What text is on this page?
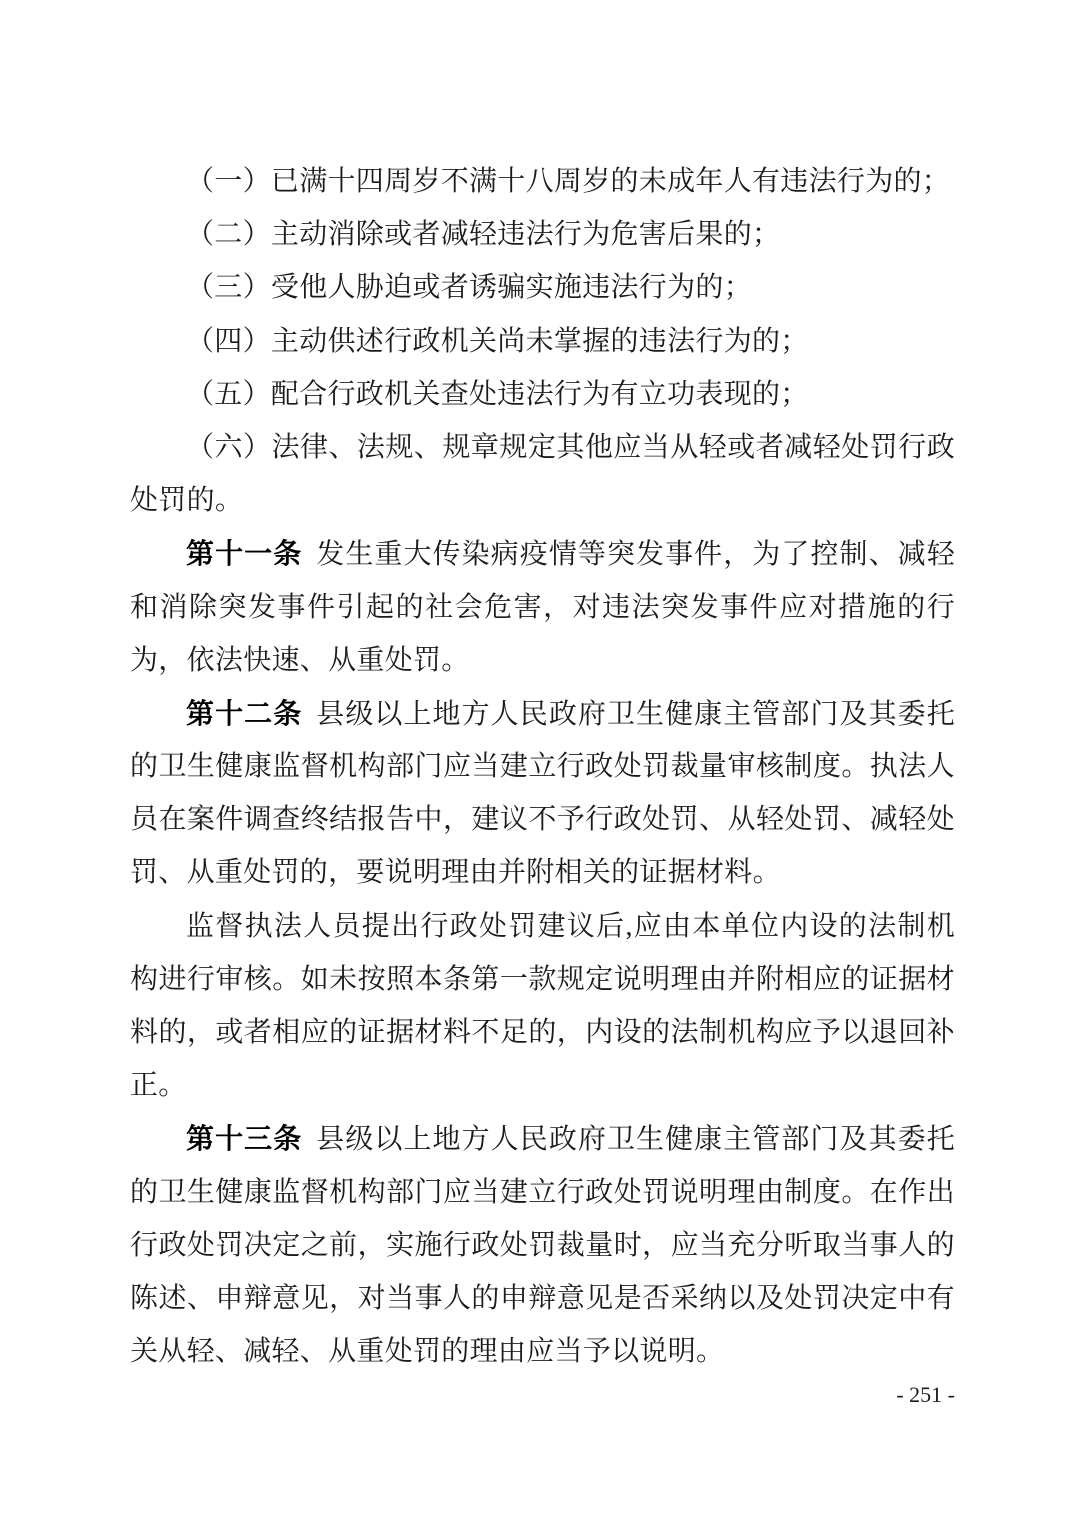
（一）已满十四周岁不满十八周岁的未成年人有违法行为的；
（二）主动消除或者减轻违法行为危害后果的；
（三）受他人胁迫或者诱骗实施违法行为的；
（四）主动供述行政机关尚未掌握的违法行为的；
（五）配合行政机关查处违法行为有立功表现的；
（六）法律、法规、规章规定其他应当从轻或者减轻处罚行政
处罚的。
第十一条 发生重大传染病疫情等突发事件，为了控制、减轻
和消除突发事件引起的社会危害，对违法突发事件应对措施的行
为，依法快速、从重处罚。
第十二条 县级以上地方人民政府卫生健康主管部门及其委托
的卫生健康监督机构部门应当建立行政处罚裁量审核制度。执法人
员在案件调查终结报告中，建议不予行政处罚、从轻处罚、减轻处
罚、从重处罚的，要说明理由并附相关的证据材料。
监督执法人员提出行政处罚建议后,应由本单位内设的法制机
构进行审核。如未按照本条第一款规定说明理由并附相应的证据材
料的，或者相应的证据材料不足的，内设的法制机构应予以退回补
正。
第十三条 县级以上地方人民政府卫生健康主管部门及其委托
的卫生健康监督机构部门应当建立行政处罚说明理由制度。在作出
行政处罚决定之前，实施行政处罚裁量时，应当充分听取当事人的
陈述、申辩意见，对当事人的申辩意见是否采纳以及处罚决定中有
关从轻、减轻、从重处罚的理由应当予以说明。
- 251 -
